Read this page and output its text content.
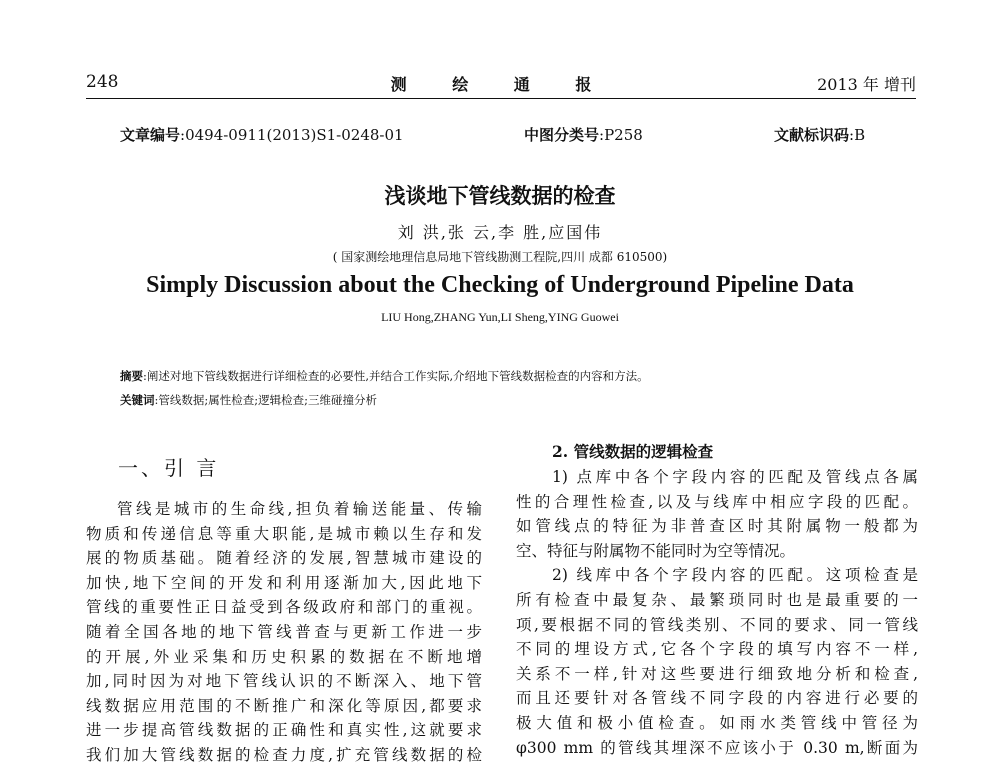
248	测 绘 通 报	2013 年 增刊
文章编号:0494-0911(2013)S1-0248-01	中图分类号:P258	文献标识码:B
浅谈地下管线数据的检查
刘 洪,张 云,李 胜,应国伟
( 国家测绘地理信息局地下管线勘测工程院,四川 成都 610500)
Simply Discussion about the Checking of Underground Pipeline Data
LIU Hong,ZHANG Yun,LI Sheng,YING Guowei
摘要:阐述对地下管线数据进行详细检查的必要性,并结合工作实际,介绍地下管线数据检查的内容和方法。
关键词:管线数据;属性检查;逻辑检查;三维碰撞分析
一、引 言

管线是城市的生命线,担负着输送能量、传输

物质和传递信息等重大职能,是城市赖以生存和发

展的物质基础。随着经济的发展,智慧城市建设的

加快,地下空间的开发和利用逐渐加大,因此地下

管线的重要性正日益受到各级政府和部门的重视。

随着全国各地的地下管线普查与更新工作进一步

的开展,外业采集和历史积累的数据在不断地增

加,同时因为对地下管线认识的不断深入、地下管

线数据应用范围的不断推广和深化等原因,都要求

进一步提高管线数据的正确性和真实性,这就要求

我们加大管线数据的检查力度,扩充管线数据的检

2. 管线数据的逻辑检查

1) 点库中各个字段内容的匹配及管线点各属

性的合理性检查,以及与线库中相应字段的匹配。

如管线点的特征为非普查区时其附属物一般都为

空、特征与附属物不能同时为空等情况。

2) 线库中各个字段内容的匹配。这项检查是

所有检查中最复杂、最繁琐同时也是最重要的一

项,要根据不同的管线类别、不同的要求、同一管线

不同的埋设方式,它各个字段的填写内容不一样,

关系不一样,针对这些要进行细致地分析和检查,

而且还要针对各管线不同字段的内容进行必要的

极大值和极小值检查。如雨水类管线中管径为

φ300 mm 的管线其埋深不应该小于 0.30 m,断面为
